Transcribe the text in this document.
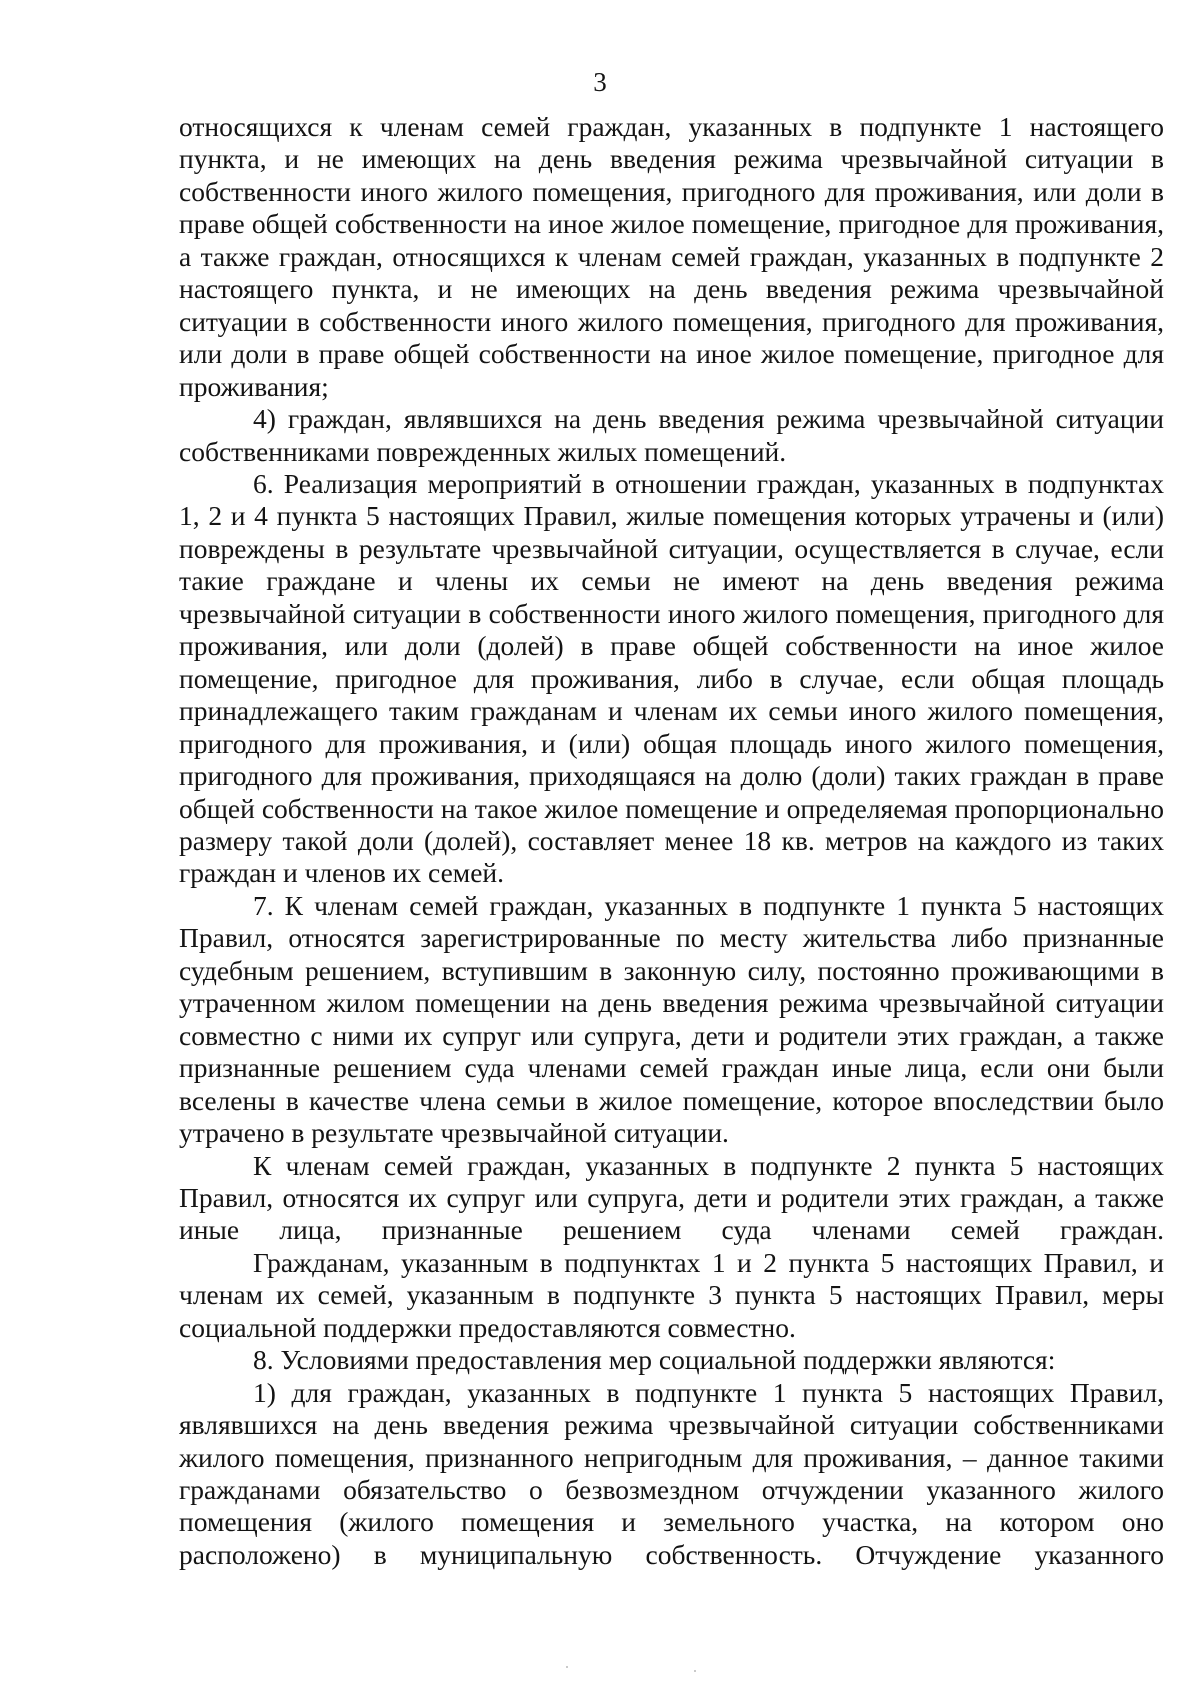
3

относящихся к членам семей граждан, указанных в подпункте 1 настоящего пункта, и не имеющих на день введения режима чрезвычайной ситуации в собственности иного жилого помещения, пригодного для проживания, или доли в праве общей собственности на иное жилое помещение, пригодное для проживания, а также граждан, относящихся к членам семей граждан, указанных в подпункте 2 настоящего пункта, и не имеющих на день введения режима чрезвычайной ситуации в собственности иного жилого помещения, пригодного для проживания, или доли в праве общей собственности на иное жилое помещение, пригодное для проживания;

4) граждан, являвшихся на день введения режима чрезвычайной ситуации собственниками поврежденных жилых помещений.

6. Реализация мероприятий в отношении граждан, указанных в подпунктах 1, 2 и 4 пункта 5 настоящих Правил, жилые помещения которых утрачены и (или) повреждены в результате чрезвычайной ситуации, осуществляется в случае, если такие граждане и члены их семьи не имеют на день введения режима чрезвычайной ситуации в собственности иного жилого помещения, пригодного для проживания, или доли (долей) в праве общей собственности на иное жилое помещение, пригодное для проживания, либо в случае, если общая площадь принадлежащего таким гражданам и членам их семьи иного жилого помещения, пригодного для проживания, и (или) общая площадь иного жилого помещения, пригодного для проживания, приходящаяся на долю (доли) таких граждан в праве общей собственности на такое жилое помещение и определяемая пропорционально размеру такой доли (долей), составляет менее 18 кв. метров на каждого из таких граждан и членов их семей.

7. К членам семей граждан, указанных в подпункте 1 пункта 5 настоящих Правил, относятся зарегистрированные по месту жительства либо признанные судебным решением, вступившим в законную силу, постоянно проживающими в утраченном жилом помещении на день введения режима чрезвычайной ситуации совместно с ними их супруг или супруга, дети и родители этих граждан, а также признанные решением суда членами семей граждан иные лица, если они были вселены в качестве члена семьи в жилое помещение, которое впоследствии было утрачено в результате чрезвычайной ситуации.

К членам семей граждан, указанных в подпункте 2 пункта 5 настоящих Правил, относятся их супруг или супруга, дети и родители этих граждан, а также иные лица, признанные решением суда членами семей граждан.

Гражданам, указанным в подпунктах 1 и 2 пункта 5 настоящих Правил, и членам их семей, указанным в подпункте 3 пункта 5 настоящих Правил, меры социальной поддержки предоставляются совместно.

8. Условиями предоставления мер социальной поддержки являются:

1) для граждан, указанных в подпункте 1 пункта 5 настоящих Правил, являвшихся на день введения режима чрезвычайной ситуации собственниками жилого помещения, признанного непригодным для проживания, – данное такими гражданами обязательство о безвозмездном отчуждении указанного жилого помещения (жилого помещения и земельного участка, на котором оно расположено) в муниципальную собственность. Отчуждение указанного
